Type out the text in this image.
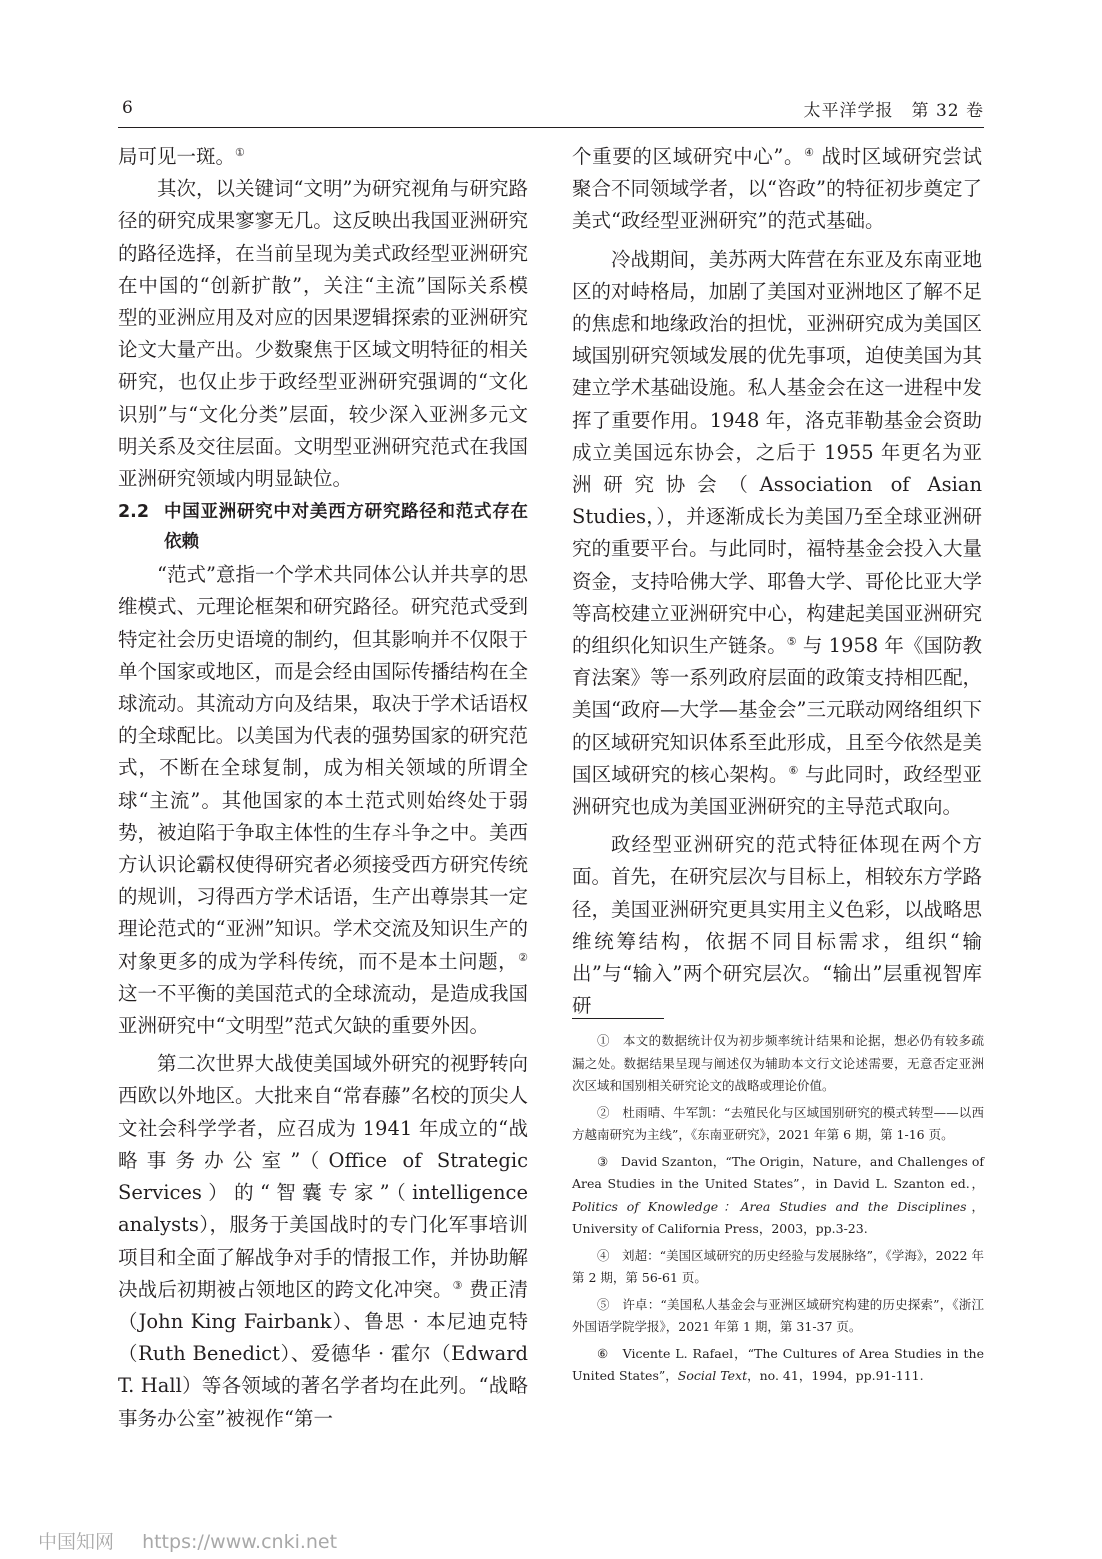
6	太平洋学报　第 32 卷

局可见一斑。①

其次，以关键词“文明”为研究视角与研究路径的研究成果寥寥无几。这反映出我国亚洲研究的路径选择，在当前呈现为美式政经型亚洲研究在中国的“创新扩散”，关注“主流”国际关系模型的亚洲应用及对应的因果逻辑探索的亚洲研究论文大量产出。少数聚焦于区域文明特征的相关研究，也仅止步于政经型亚洲研究强调的“文化识别”与“文化分类”层面，较少深入亚洲多元文明关系及交往层面。文明型亚洲研究范式在我国亚洲研究领域内明显缺位。

2.2 中国亚洲研究中对美西方研究路径和范式存在依赖

“范式”意指一个学术共同体公认并共享的思维模式、元理论框架和研究路径。研究范式受到特定社会历史语境的制约，但其影响并不仅限于单个国家或地区，而是会经由国际传播结构在全球流动。其流动方向及结果，取决于学术话语权的全球配比。以美国为代表的强势国家的研究范式，不断在全球复制，成为相关领域的所谓全球“主流”。其他国家的本土范式则始终处于弱势，被迫陷于争取主体性的生存斗争之中。美西方认识论霸权使得研究者必须接受西方研究传统的规训，习得西方学术话语，生产出尊崇其一定理论范式的“亚洲”知识。学术交流及知识生产的对象更多的成为学科传统，而不是本土问题，②这一不平衡的美国范式的全球流动，是造成我国亚洲研究中“文明型”范式欠缺的重要外因。

第二次世界大战使美国域外研究的视野转向西欧以外地区。大批来自“常春藤”名校的顶尖人文社会科学学者，应召成为 1941 年成立的“战略事务办公室”（Office of Strategic Services）的“智囊专家”（intelligence analysts），服务于美国战时的专门化军事培训项目和全面了解战争对手的情报工作，并协助解决战后初期被占领地区的跨文化冲突。③ 费正清（John King Fairbank）、鲁思 · 本尼迪克特（Ruth Benedict）、爱德华 · 霍尔（Edward T. Hall）等各领域的著名学者均在此列。“战略事务办公室”被视作“第一

个重要的区域研究中心”。④ 战时区域研究尝试聚合不同领域学者，以“咨政”的特征初步奠定了美式“政经型亚洲研究”的范式基础。

冷战期间，美苏两大阵营在东亚及东南亚地区的对峙格局，加剧了美国对亚洲地区了解不足的焦虑和地缘政治的担忧，亚洲研究成为美国区域国别研究领域发展的优先事项，迫使美国为其建立学术基础设施。私人基金会在这一进程中发挥了重要作用。1948 年，洛克菲勒基金会资助成立美国远东协会，之后于 1955 年更名为亚洲研究协会（Association of Asian Studies，），并逐渐成长为美国乃至全球亚洲研究的重要平台。与此同时，福特基金会投入大量资金，支持哈佛大学、耶鲁大学、哥伦比亚大学等高校建立亚洲研究中心，构建起美国亚洲研究的组织化知识生产链条。⑤ 与 1958 年《国防教育法案》等一系列政府层面的政策支持相匹配，美国“政府—大学—基金会”三元联动网络组织下的区域研究知识体系至此形成，且至今依然是美国区域研究的核心架构。⑥ 与此同时，政经型亚洲研究也成为美国亚洲研究的主导范式取向。

政经型亚洲研究的范式特征体现在两个方面。首先，在研究层次与目标上，相较东方学路径，美国亚洲研究更具实用主义色彩，以战略思维统筹结构，依据不同目标需求，组织“输出”与“输入”两个研究层次。“输出”层重视智库研

①　本文的数据统计仅为初步频率统计结果和论据，想必仍有较多疏漏之处。数据结果呈现与阐述仅为辅助本文行文论述需要，无意否定亚洲次区域和国别相关研究论文的战略或理论价值。

②　杜雨晴、牛军凯：“去殖民化与区域国别研究的模式转型——以西方越南研究为主线”，《东南亚研究》，2021 年第 6 期，第 1-16 页。

③　David Szanton，“The Origin，Nature，and Challenges of Area Studies in the United States”，in David L. Szanton ed.，Politics of Knowledge：Area Studies and the Disciplines，University of California Press，2003，pp.3-23.

④　刘超：“美国区域研究的历史经验与发展脉络”，《学海》，2022 年第 2 期，第 56-61 页。

⑤　许卓：“美国私人基金会与亚洲区域研究构建的历史探索”，《浙江外国语学院学报》，2021 年第 1 期，第 31-37 页。

⑥　Vicente L. Rafael，“The Cultures of Area Studies in the United States”，Social Text，no. 41，1994，pp.91-111.

中国知网 https://www.cnki.net
